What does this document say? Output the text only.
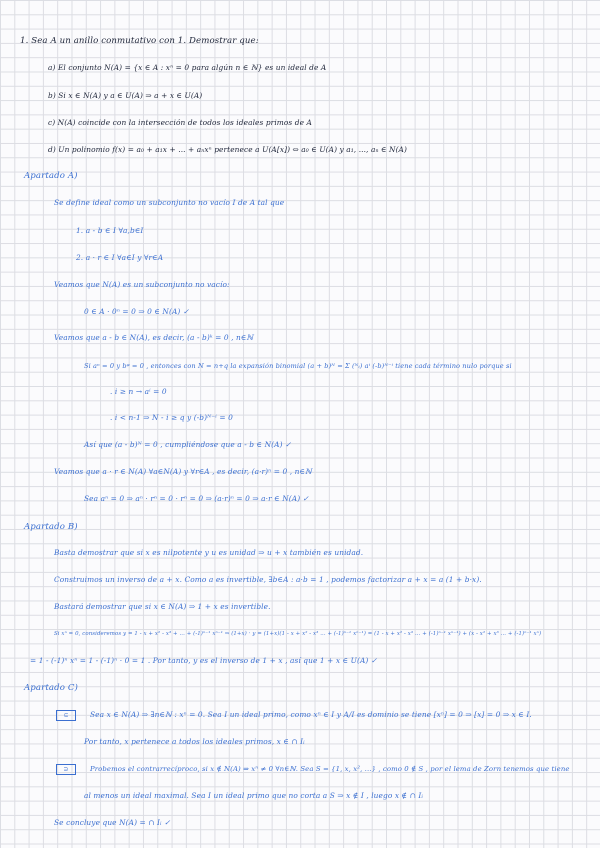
1. Sea A un anillo conmutativo con 1. Demostrar que:
a) El conjunto N(A) = {x ∈ A : xⁿ = 0 para algún n ∈ ℕ} es un ideal de A
b) Si x ∈ N(A) y a ∈ U(A) ⇒ a + x ∈ U(A)
c) N(A) coincide con la intersección de todos los ideales primos de A
d) Un polinomio f(x) = a₀ + a₁x + ... + aₙxⁿ pertenece a U(A[x]) ⇔ a₀ ∈ U(A) y a₁, ..., aₙ ∈ N(A)
Apartado A)
Se define ideal como un subconjunto no vacío I de A tal que
1. a - b ∈ I ∀a,b∈I
2. a · r ∈ I ∀a∈I y ∀r∈A
Veamos que N(A) es un subconjunto no vacío:
0 ∈ A · 0ⁿ = 0 ⇒ 0 ∈ N(A) ✓
Veamos que a - b ∈ N(A), es decir, (a - b)ᵏ = 0 , n∈ℕ
Si aⁿ = 0 y bᵠ = 0 , entonces con N = n+q la expansión binomial (a + b)ᴺ = Σ (ᴺᵢ) aⁱ (-b)ᴺ⁻ⁱ tiene cada término nulo porque si
. i ≥ n → aⁱ = 0
. i < n-1 ⇒ N - i ≥ q y (-b)ᴺ⁻ⁱ = 0
Así que (a - b)ᴺ = 0 , cumpliéndose que a - b ∈ N(A) ✓
Veamos que a · r ∈ N(A) ∀a∈N(A) y ∀r∈A , es decir, (a·r)ⁿ = 0 , n∈ℕ
Sea aⁿ = 0 ⇒ aⁿ · rⁿ = 0 · rⁿ = 0 ⇒ (a·r)ⁿ = 0 ⇒ a·r ∈ N(A) ✓
Apartado B)
Basta demostrar que si x es nilpotente y u es unidad ⇒ u + x también es unidad.
Construimos un inverso de a + x. Como a es invertible, ∃b∈A : a·b = 1 , podemos factorizar a + x = a (1 + b·x).
Bastará demostrar que si x ∈ N(A) ⇒ 1 + x es invertible.
Si xⁿ = 0, consideremos y = 1 - x + x² - x³ + ... + (-1)ⁿ⁻¹ xⁿ⁻¹ ⇒ (1+x) · y = (1+x)(1 - x + x² - x³ ... + (-1)ⁿ⁻¹ xⁿ⁻¹) = (1 - x + x² - x³ ... + (-1)ⁿ⁻¹ xⁿ⁻¹) + (x - x² + x³ ... + (-1)ⁿ⁻¹ xⁿ)
= 1 - (-1)ⁿ xⁿ = 1 - (-1)ⁿ · 0 = 1 . Por tanto, y es el inverso de 1 + x , así que 1 + x ∈ U(A) ✓
Apartado C)
⊆	Sea x ∈ N(A) ⇒ ∃n∈ℕ : xⁿ = 0. Sea I un ideal primo, como xⁿ ∈ I y A/I es dominio se tiene [xⁿ] = 0 ⇒ [x] = 0 ⇒ x ∈ I.
Por tanto, x pertenece a todos los ideales primos, x ∈ ∩ Iᵢ
⊇	Probemos el contrarrecíproco, si x ∉ N(A) ⇒ xⁿ ≠ 0 ∀n∈ℕ. Sea S = {1, x, x², ...} , como 0 ∉ S , por el lema de Zorn tenemos que tiene
al menos un ideal maximal. Sea I un ideal primo que no corta a S ⇒ x ∉ I , luego x ∉ ∩ Iᵢ
Se concluye que N(A) = ∩ Iᵢ ✓
